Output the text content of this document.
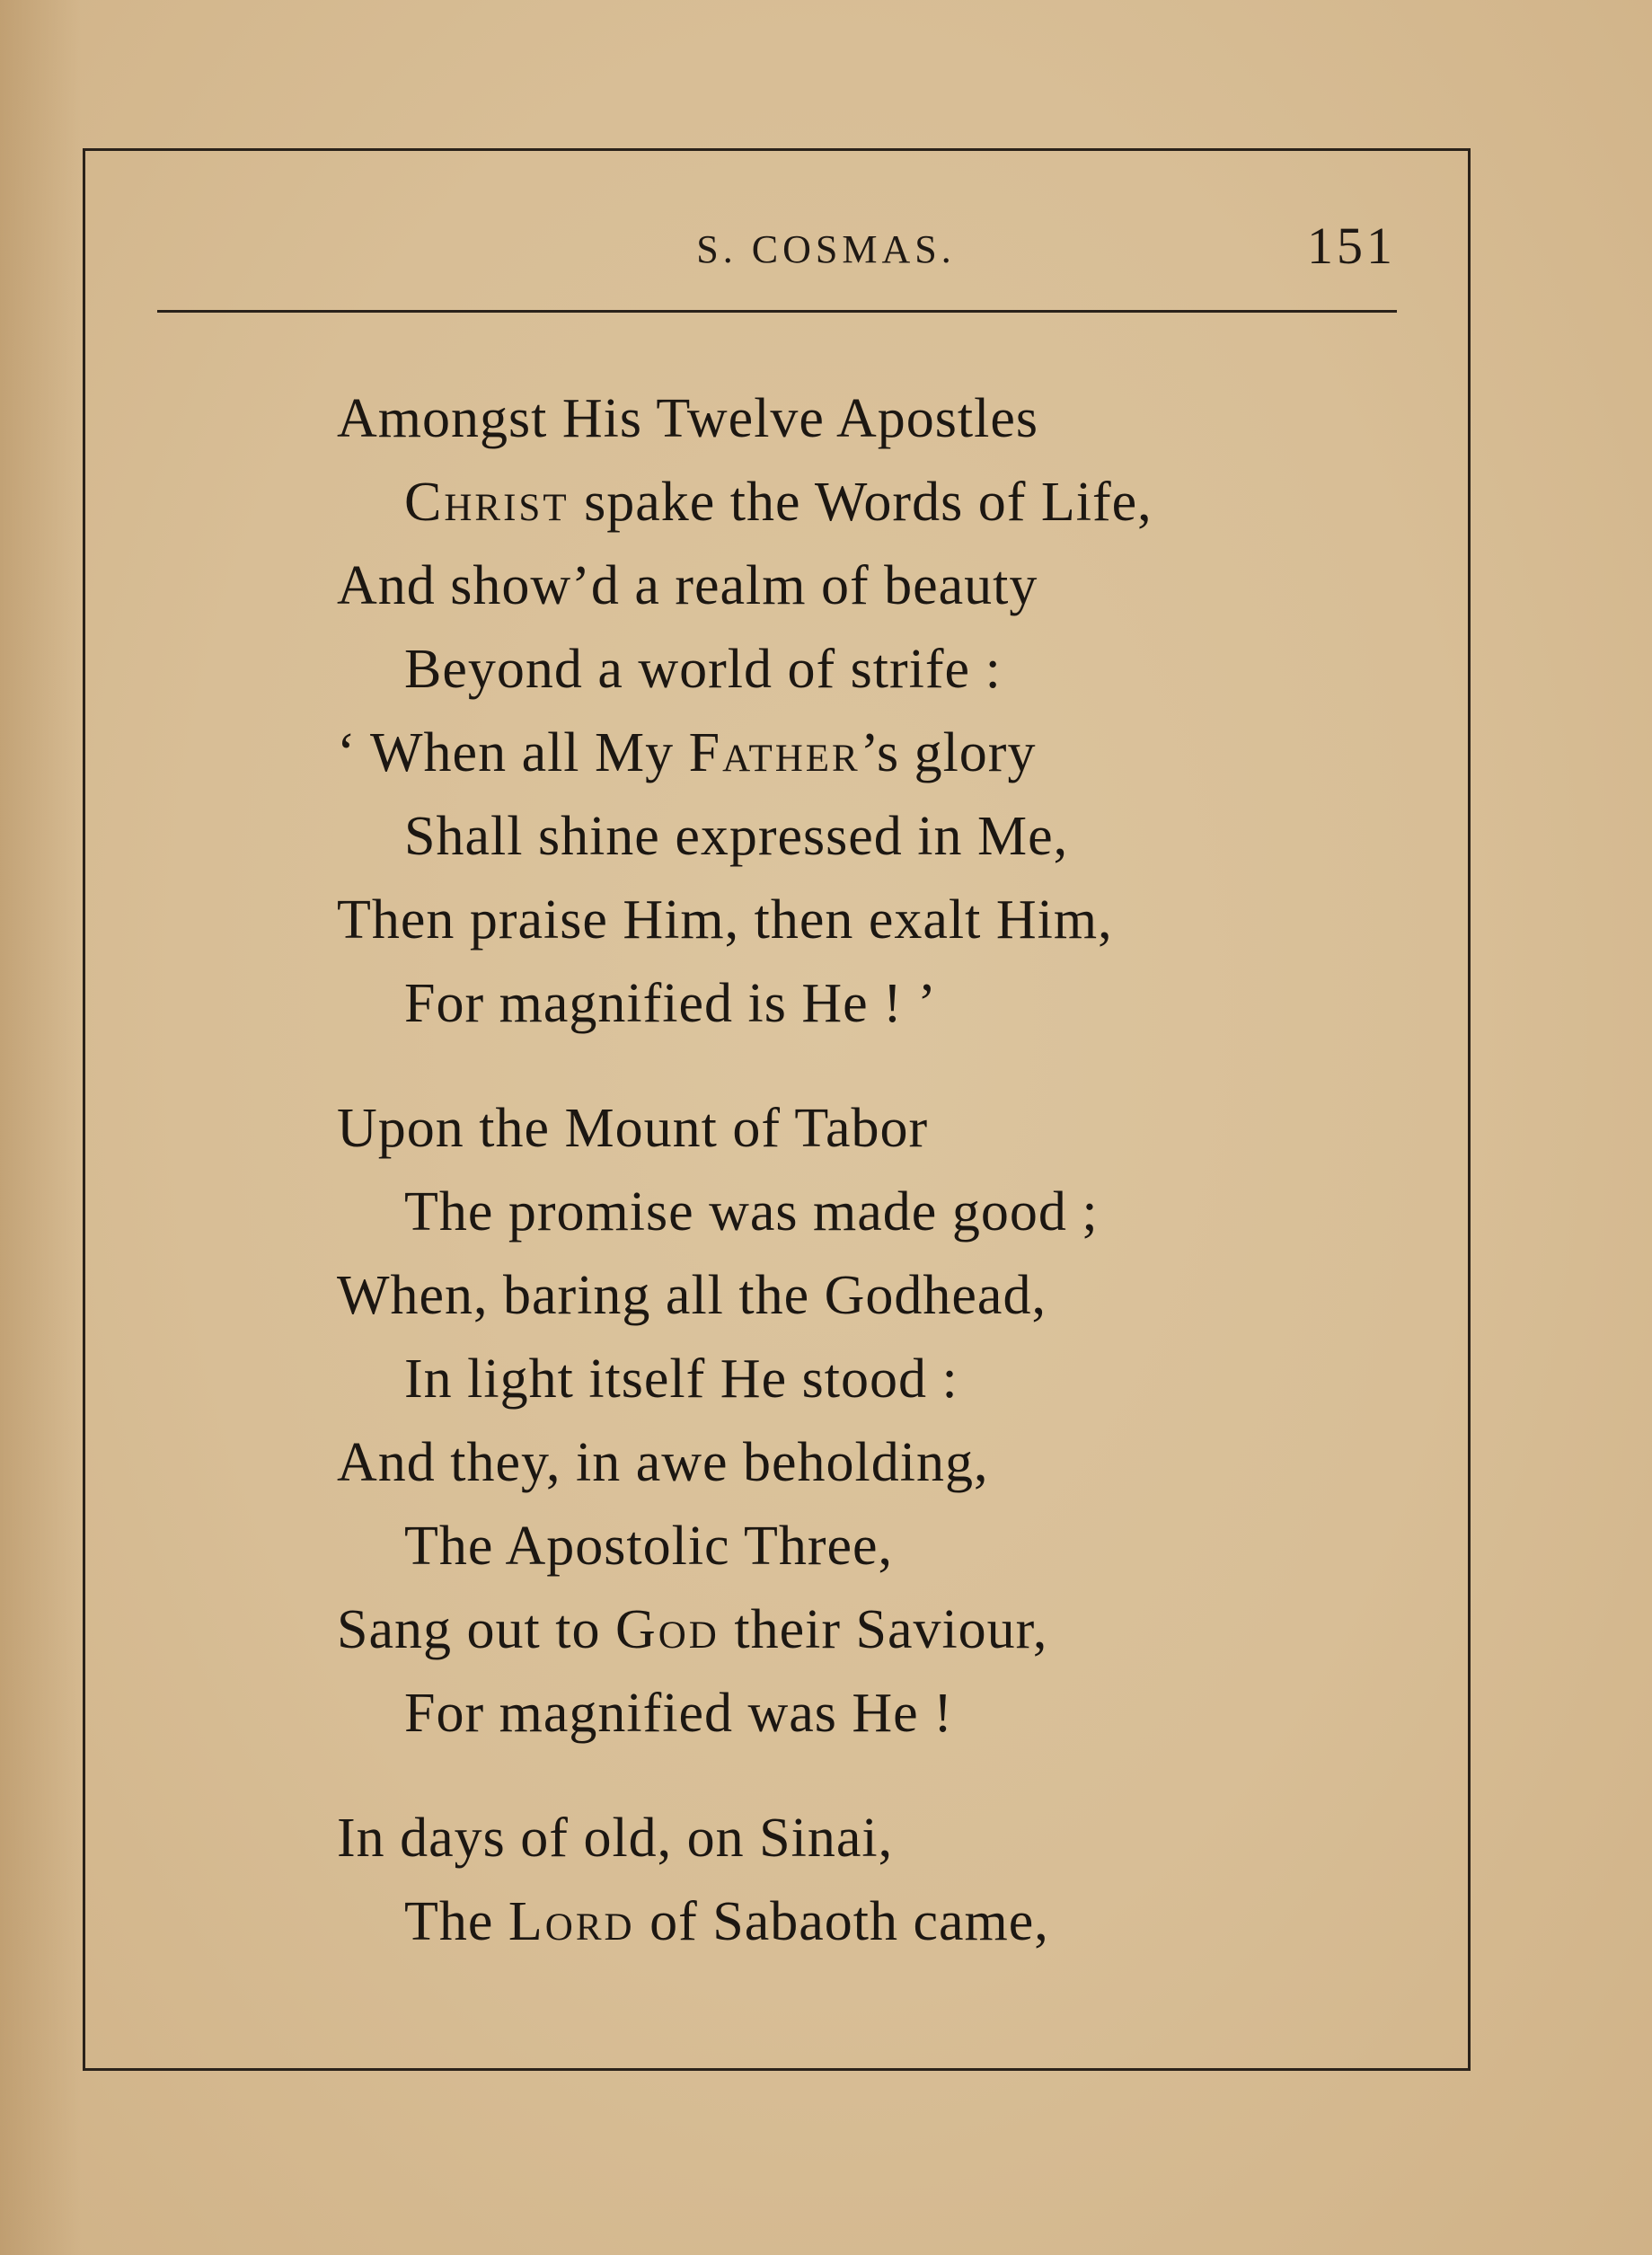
S. COSMAS.	151
Amongst His Twelve Apostles
Christ spake the Words of Life,
And show’d a realm of beauty
Beyond a world of strife :
‘ When all My Father’s glory
Shall shine expressed in Me,
Then praise Him, then exalt Him,
For magnified is He ! ’
Upon the Mount of Tabor
The promise was made good ;
When, baring all the Godhead,
In light itself He stood :
And they, in awe beholding,
The Apostolic Three,
Sang out to God their Saviour,
For magnified was He !
In days of old, on Sinai,
The Lord of Sabaoth came,
